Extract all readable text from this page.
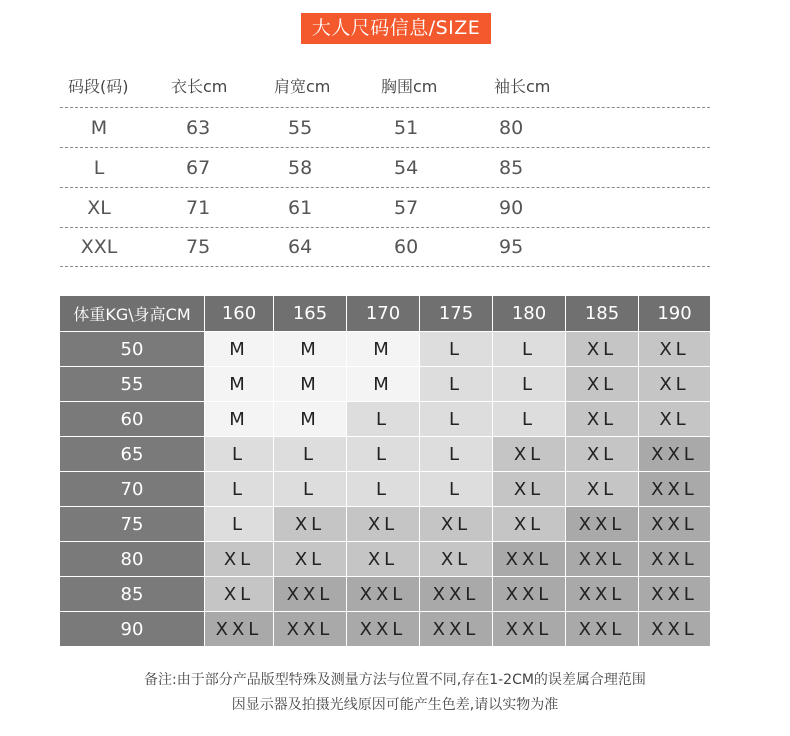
大人尺码信息/SIZE
码段(码)	衣长cm	肩宽cm	胸围cm	袖长cm
M	63	55	51	80
L	67	58	54	85
XL	71	61	57	90
XXL	75	64	60	95
体重KG\身高CM	160	165	170	175	180	185	190
50	M	M	M	L	L	XL	XL
55	M	M	M	L	L	XL	XL
60	M	M	L	L	L	XL	XL
65	L	L	L	L	XL	XL	XXL
70	L	L	L	L	XL	XL	XXL
75	L	XL	XL	XL	XL	XXL	XXL
80	XL	XL	XL	XL	XXL	XXL	XXL
85	XL	XXL	XXL	XXL	XXL	XXL	XXL
90	XXL	XXL	XXL	XXL	XXL	XXL	XXL
备注:由于部分产品版型特殊及测量方法与位置不同,存在1-2CM的误差属合理范围
因显示器及拍摄光线原因可能产生色差,请以实物为准
